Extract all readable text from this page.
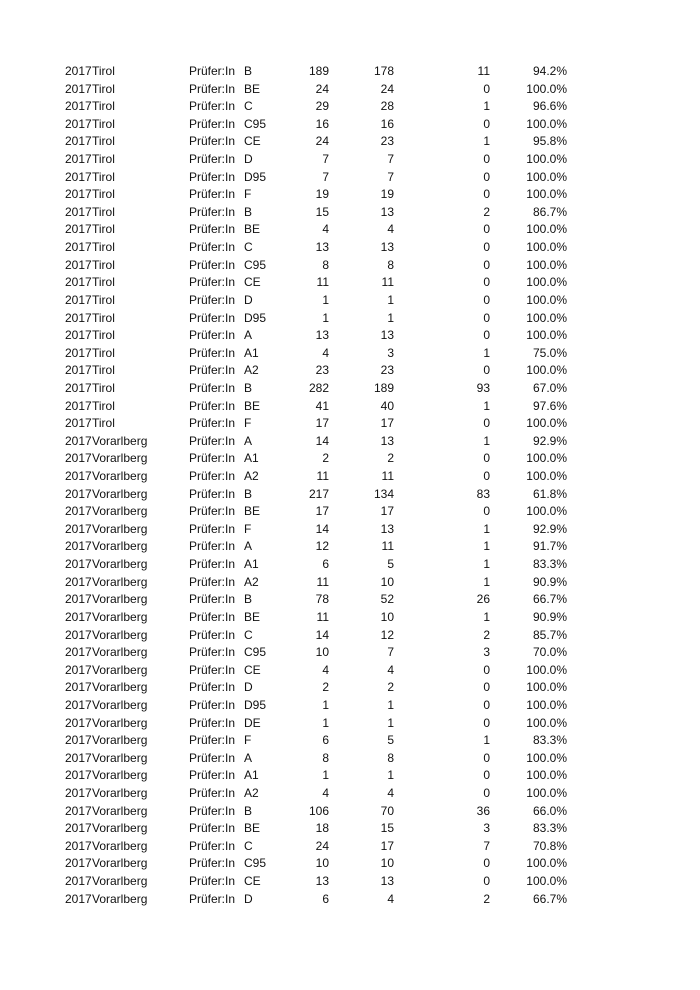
2017 Tirol	Prüfer:In B	189	178	11	94.2%
2017 Tirol	Prüfer:In BE	24	24	0	100.0%
2017 Tirol	Prüfer:In C	29	28	1	96.6%
2017 Tirol	Prüfer:In C95	16	16	0	100.0%
2017 Tirol	Prüfer:In CE	24	23	1	95.8%
2017 Tirol	Prüfer:In D	7	7	0	100.0%
2017 Tirol	Prüfer:In D95	7	7	0	100.0%
2017 Tirol	Prüfer:In F	19	19	0	100.0%
2017 Tirol	Prüfer:In B	15	13	2	86.7%
2017 Tirol	Prüfer:In BE	4	4	0	100.0%
2017 Tirol	Prüfer:In C	13	13	0	100.0%
2017 Tirol	Prüfer:In C95	8	8	0	100.0%
2017 Tirol	Prüfer:In CE	11	11	0	100.0%
2017 Tirol	Prüfer:In D	1	1	0	100.0%
2017 Tirol	Prüfer:In D95	1	1	0	100.0%
2017 Tirol	Prüfer:In A	13	13	0	100.0%
2017 Tirol	Prüfer:In A1	4	3	1	75.0%
2017 Tirol	Prüfer:In A2	23	23	0	100.0%
2017 Tirol	Prüfer:In B	282	189	93	67.0%
2017 Tirol	Prüfer:In BE	41	40	1	97.6%
2017 Tirol	Prüfer:In F	17	17	0	100.0%
2017 Vorarlberg	Prüfer:In A	14	13	1	92.9%
2017 Vorarlberg	Prüfer:In A1	2	2	0	100.0%
2017 Vorarlberg	Prüfer:In A2	11	11	0	100.0%
2017 Vorarlberg	Prüfer:In B	217	134	83	61.8%
2017 Vorarlberg	Prüfer:In BE	17	17	0	100.0%
2017 Vorarlberg	Prüfer:In F	14	13	1	92.9%
2017 Vorarlberg	Prüfer:In A	12	11	1	91.7%
2017 Vorarlberg	Prüfer:In A1	6	5	1	83.3%
2017 Vorarlberg	Prüfer:In A2	11	10	1	90.9%
2017 Vorarlberg	Prüfer:In B	78	52	26	66.7%
2017 Vorarlberg	Prüfer:In BE	11	10	1	90.9%
2017 Vorarlberg	Prüfer:In C	14	12	2	85.7%
2017 Vorarlberg	Prüfer:In C95	10	7	3	70.0%
2017 Vorarlberg	Prüfer:In CE	4	4	0	100.0%
2017 Vorarlberg	Prüfer:In D	2	2	0	100.0%
2017 Vorarlberg	Prüfer:In D95	1	1	0	100.0%
2017 Vorarlberg	Prüfer:In DE	1	1	0	100.0%
2017 Vorarlberg	Prüfer:In F	6	5	1	83.3%
2017 Vorarlberg	Prüfer:In A	8	8	0	100.0%
2017 Vorarlberg	Prüfer:In A1	1	1	0	100.0%
2017 Vorarlberg	Prüfer:In A2	4	4	0	100.0%
2017 Vorarlberg	Prüfer:In B	106	70	36	66.0%
2017 Vorarlberg	Prüfer:In BE	18	15	3	83.3%
2017 Vorarlberg	Prüfer:In C	24	17	7	70.8%
2017 Vorarlberg	Prüfer:In C95	10	10	0	100.0%
2017 Vorarlberg	Prüfer:In CE	13	13	0	100.0%
2017 Vorarlberg	Prüfer:In D	6	4	2	66.7%
